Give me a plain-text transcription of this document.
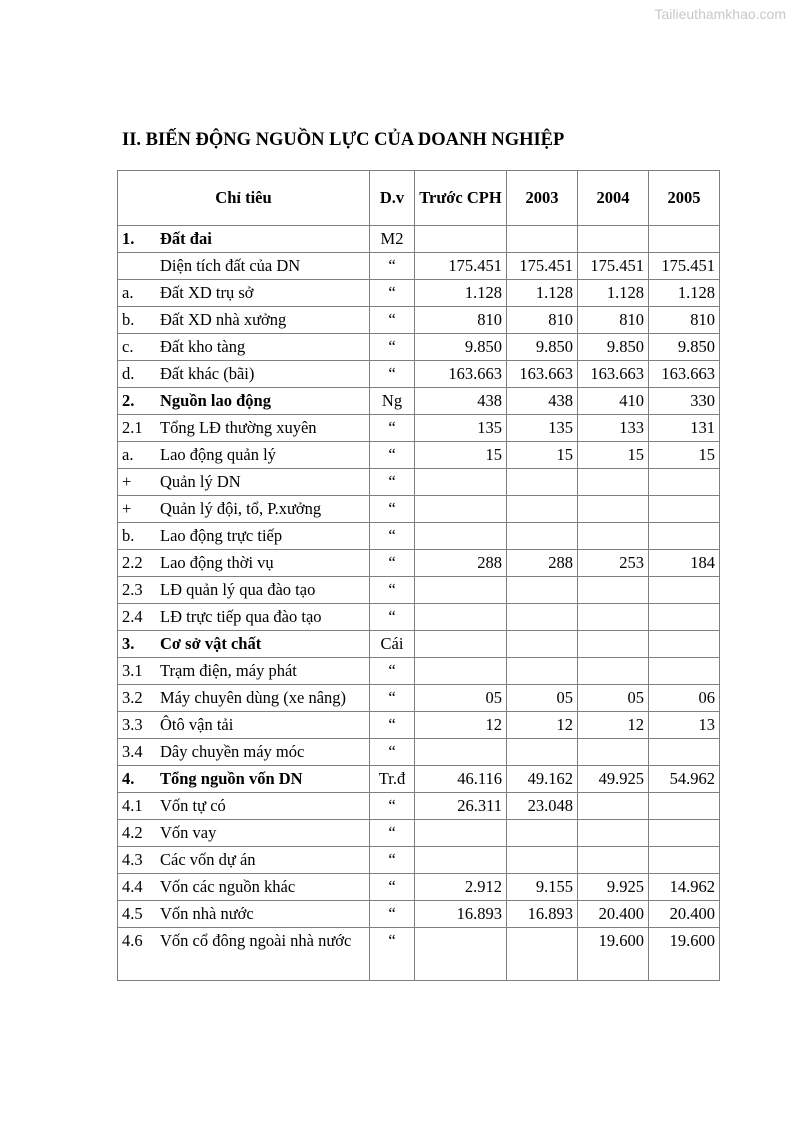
Tailieuthamkhao.com
II. BIẾN ĐỘNG NGUỒN LỰC CỦA DOANH NGHIỆP
Chỉ tiêu	D.v	Trước CPH	2003	2004	2005
1. Đất đai	M2				
Diện tích đất của DN	“	175.451	175.451	175.451	175.451
a. Đất XD trụ sở	“	1.128	1.128	1.128	1.128
b. Đất XD nhà xưởng	“	810	810	810	810
c. Đất kho tàng	“	9.850	9.850	9.850	9.850
d. Đất khác (bãi)	“	163.663	163.663	163.663	163.663
2. Nguồn lao động	Ng	438	438	410	330
2.1 Tổng LĐ thường xuyên	“	135	135	133	131
a. Lao động quản lý	“	15	15	15	15
+ Quản lý DN	“				
+ Quản lý đội, tổ, P.xưởng	“				
b. Lao động trực tiếp	“				
2.2 Lao động thời vụ	“	288	288	253	184
2.3 LĐ quản lý qua đào tạo	“				
2.4 LĐ trực tiếp qua đào tạo	“				
3. Cơ sở vật chất	Cái				
3.1 Trạm điện, máy phát	“				
3.2 Máy chuyên dùng (xe nâng)	“	05	05	05	06
3.3 Ôtô vận tải	“	12	12	12	13
3.4 Dây chuyền máy móc	“				
4. Tổng nguồn vốn DN	Tr.đ	46.116	49.162	49.925	54.962
4.1 Vốn tự có	“	26.311	23.048		
4.2 Vốn vay	“				
4.3 Các vốn dự án	“				
4.4 Vốn các nguồn khác	“	2.912	9.155	9.925	14.962
4.5 Vốn nhà nước	“	16.893	16.893	20.400	20.400
4.6 Vốn cổ đông ngoài nhà nước	“			19.600	19.600
